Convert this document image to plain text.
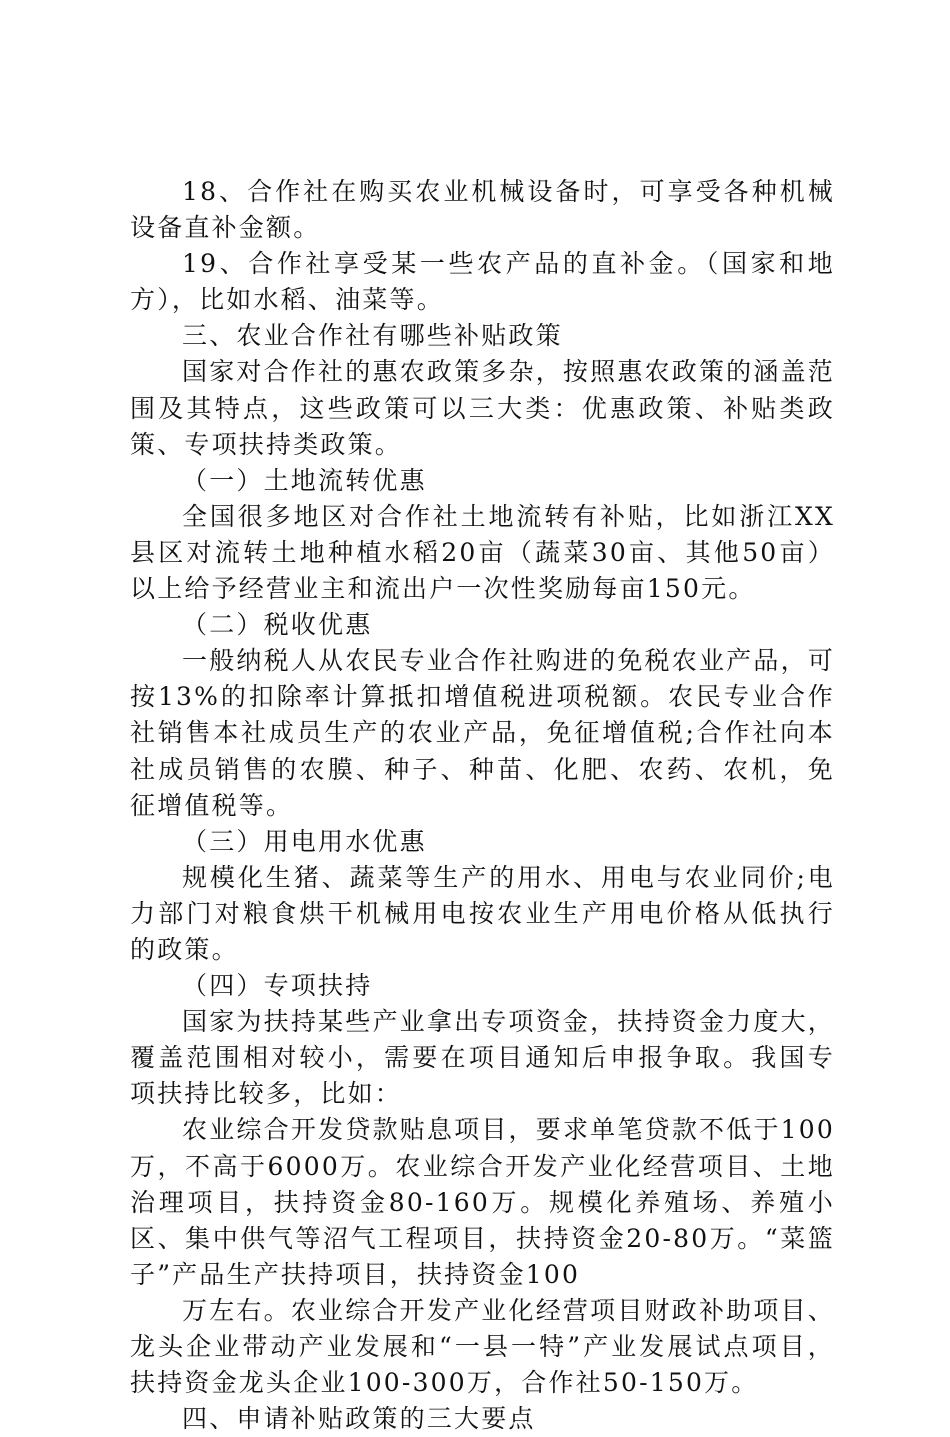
18、合作社在购买农业机械设备时，可享受各种机械设备直补金额。

19、合作社享受某一些农产品的直补金。（国家和地方），比如水稻、油菜等。

三、农业合作社有哪些补贴政策

国家对合作社的惠农政策多杂，按照惠农政策的涵盖范围及其特点，这些政策可以三大类：优惠政策、补贴类政策、专项扶持类政策。

（一）土地流转优惠

全国很多地区对合作社土地流转有补贴，比如浙江XX县区对流转土地种植水稻20亩（蔬菜30亩、其他50亩）以上给予经营业主和流出户一次性奖励每亩150元。

（二）税收优惠

一般纳税人从农民专业合作社购进的免税农业产品，可按13%的扣除率计算抵扣增值税进项税额。农民专业合作社销售本社成员生产的农业产品，免征增值税;合作社向本社成员销售的农膜、种子、种苗、化肥、农药、农机，免征增值税等。

（三）用电用水优惠

规模化生猪、蔬菜等生产的用水、用电与农业同价;电力部门对粮食烘干机械用电按农业生产用电价格从低执行的政策。

（四）专项扶持

国家为扶持某些产业拿出专项资金，扶持资金力度大，覆盖范围相对较小，需要在项目通知后申报争取。我国专项扶持比较多，比如：

农业综合开发贷款贴息项目，要求单笔贷款不低于100万，不高于6000万。农业综合开发产业化经营项目、土地治理项目，扶持资金80-160万。规模化养殖场、养殖小区、集中供气等沼气工程项目，扶持资金20-80万。“菜篮子”产品生产扶持项目，扶持资金100

万左右。农业综合开发产业化经营项目财政补助项目、龙头企业带动产业发展和“一县一特”产业发展试点项目，扶持资金龙头企业100-300万，合作社50-150万。

四、申请补贴政策的三大要点
